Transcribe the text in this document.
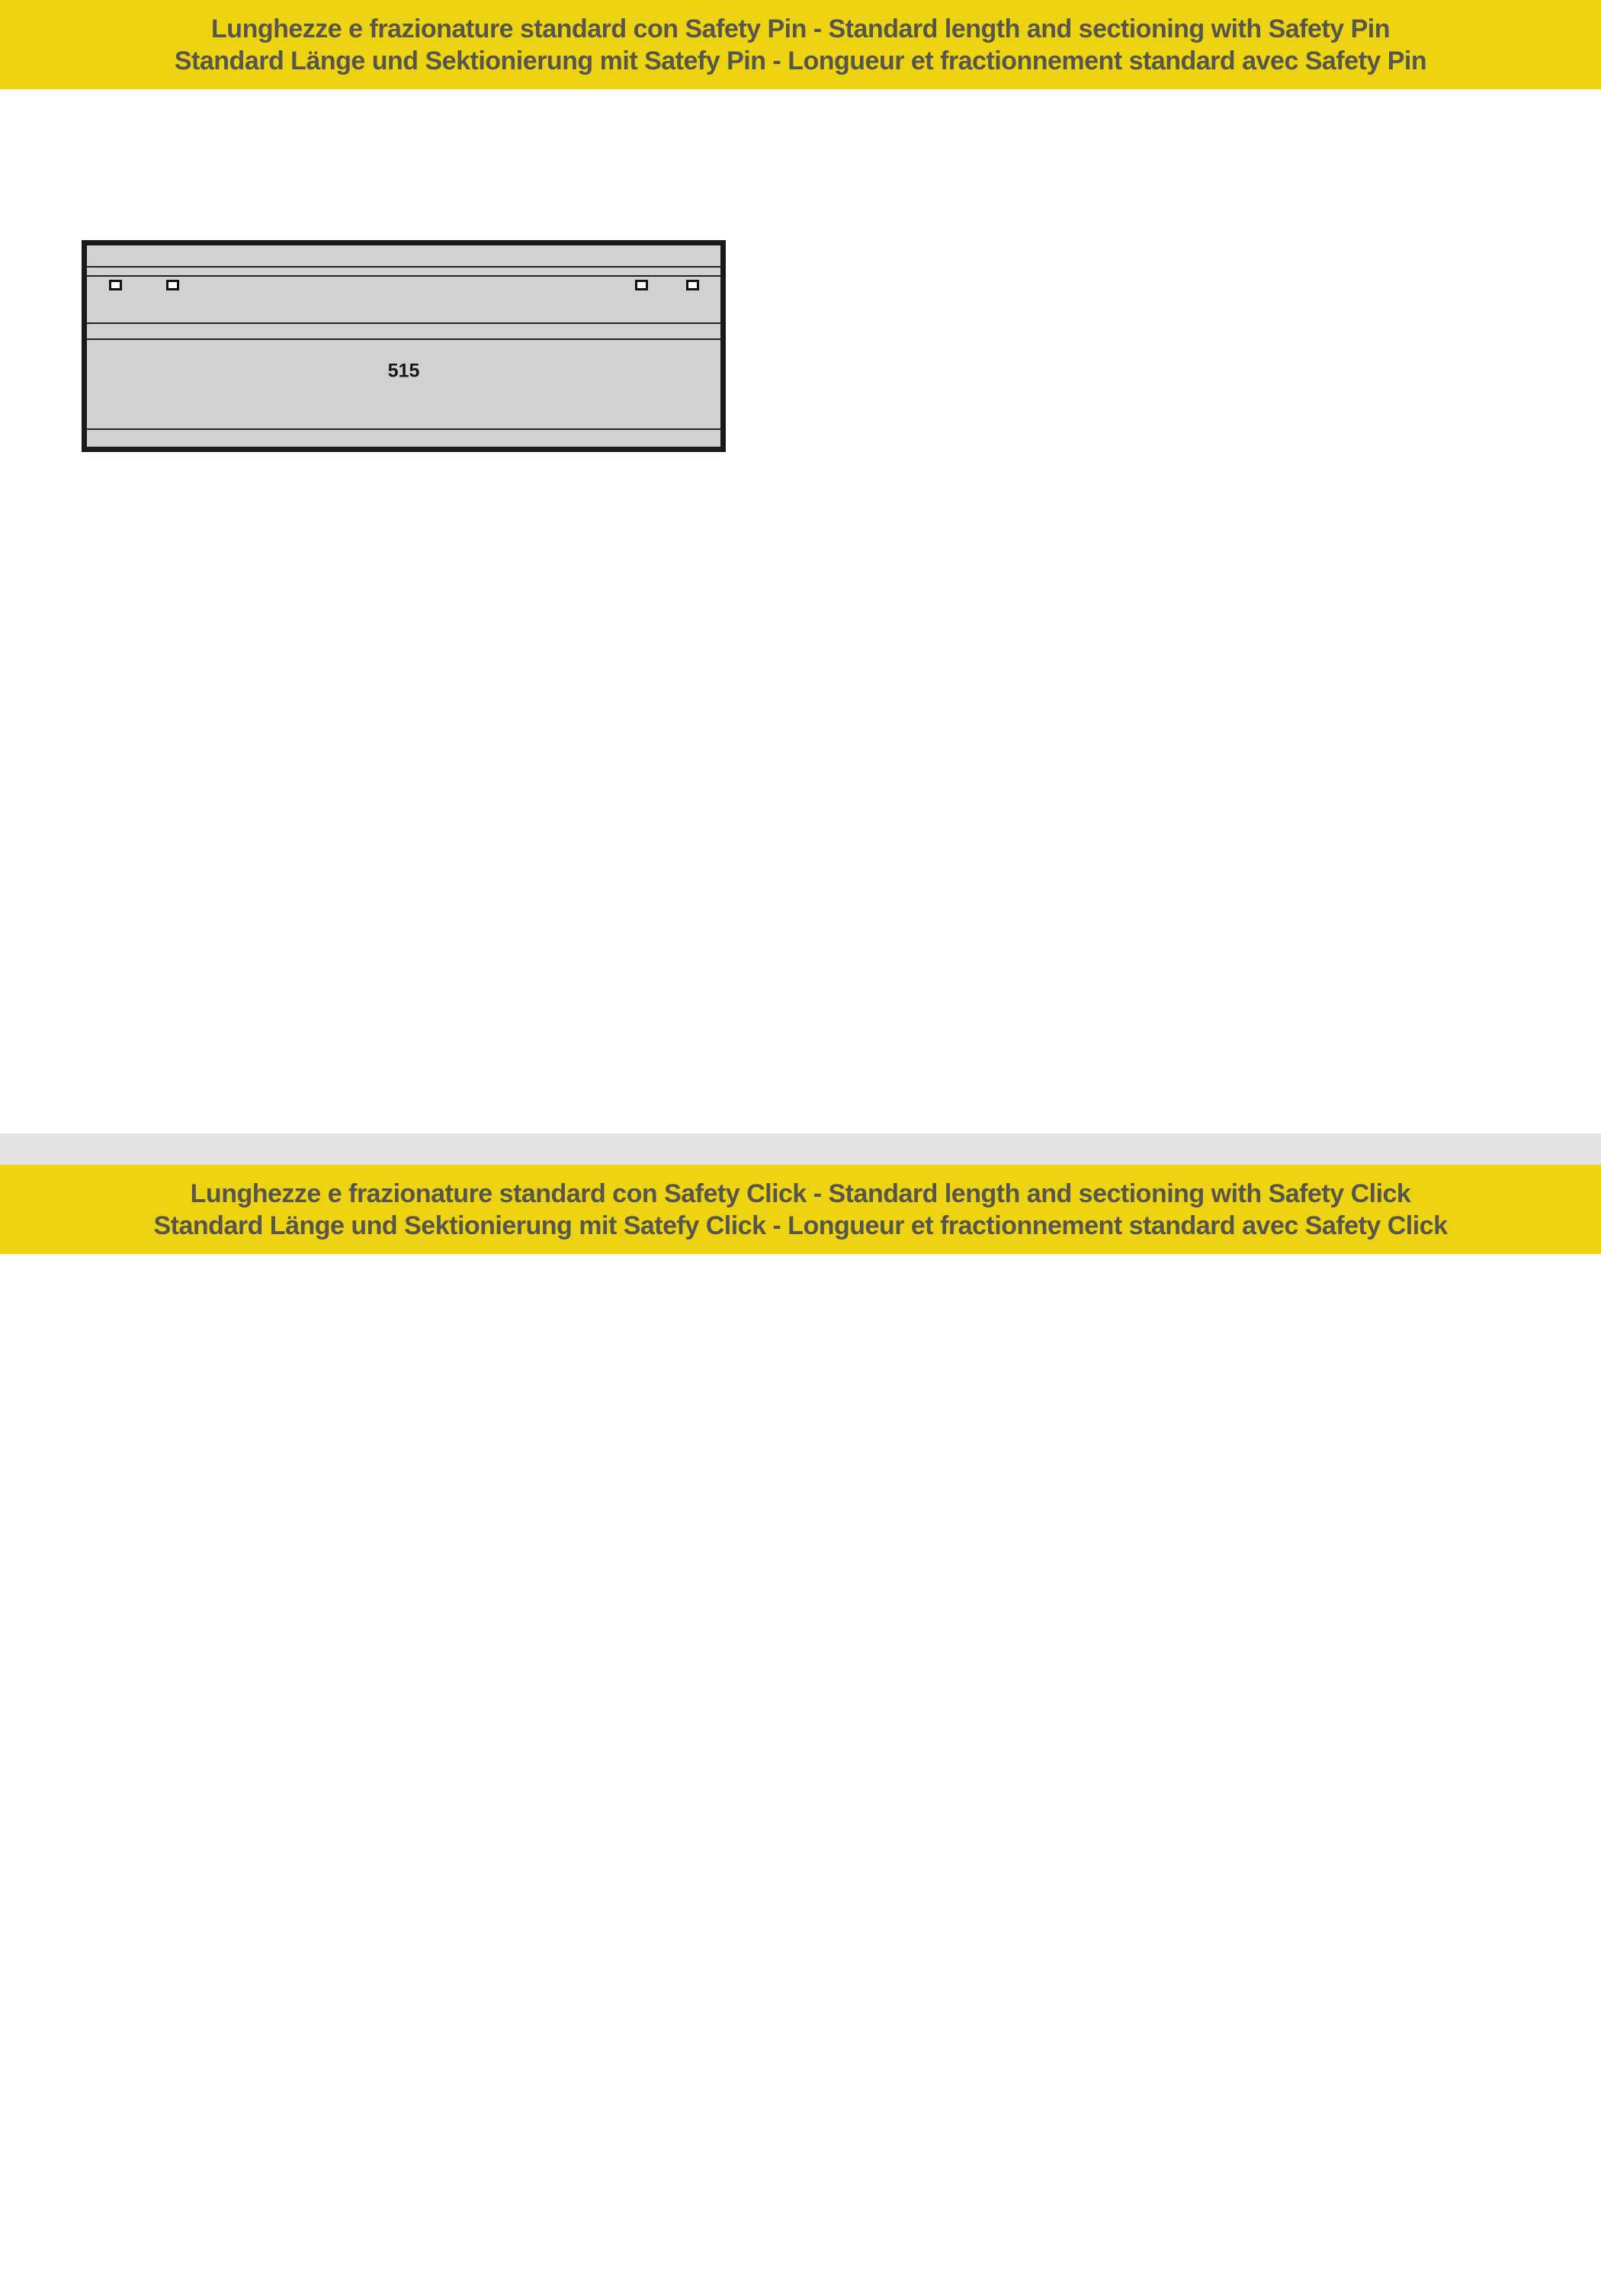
Lunghezze e frazionature standard con Safety Pin - Standard length and sectioning with Safety Pin
Standard Länge und Sektionierung mit Satefy Pin - Longueur et fractionnement standard avec Safety Pin
Lunghezze e frazionature standard con Safety Click - Standard length and sectioning with Safety Click
Standard Länge und Sektionierung mit Satefy Click - Longueur et fractionnement standard avec Safety Click
515
